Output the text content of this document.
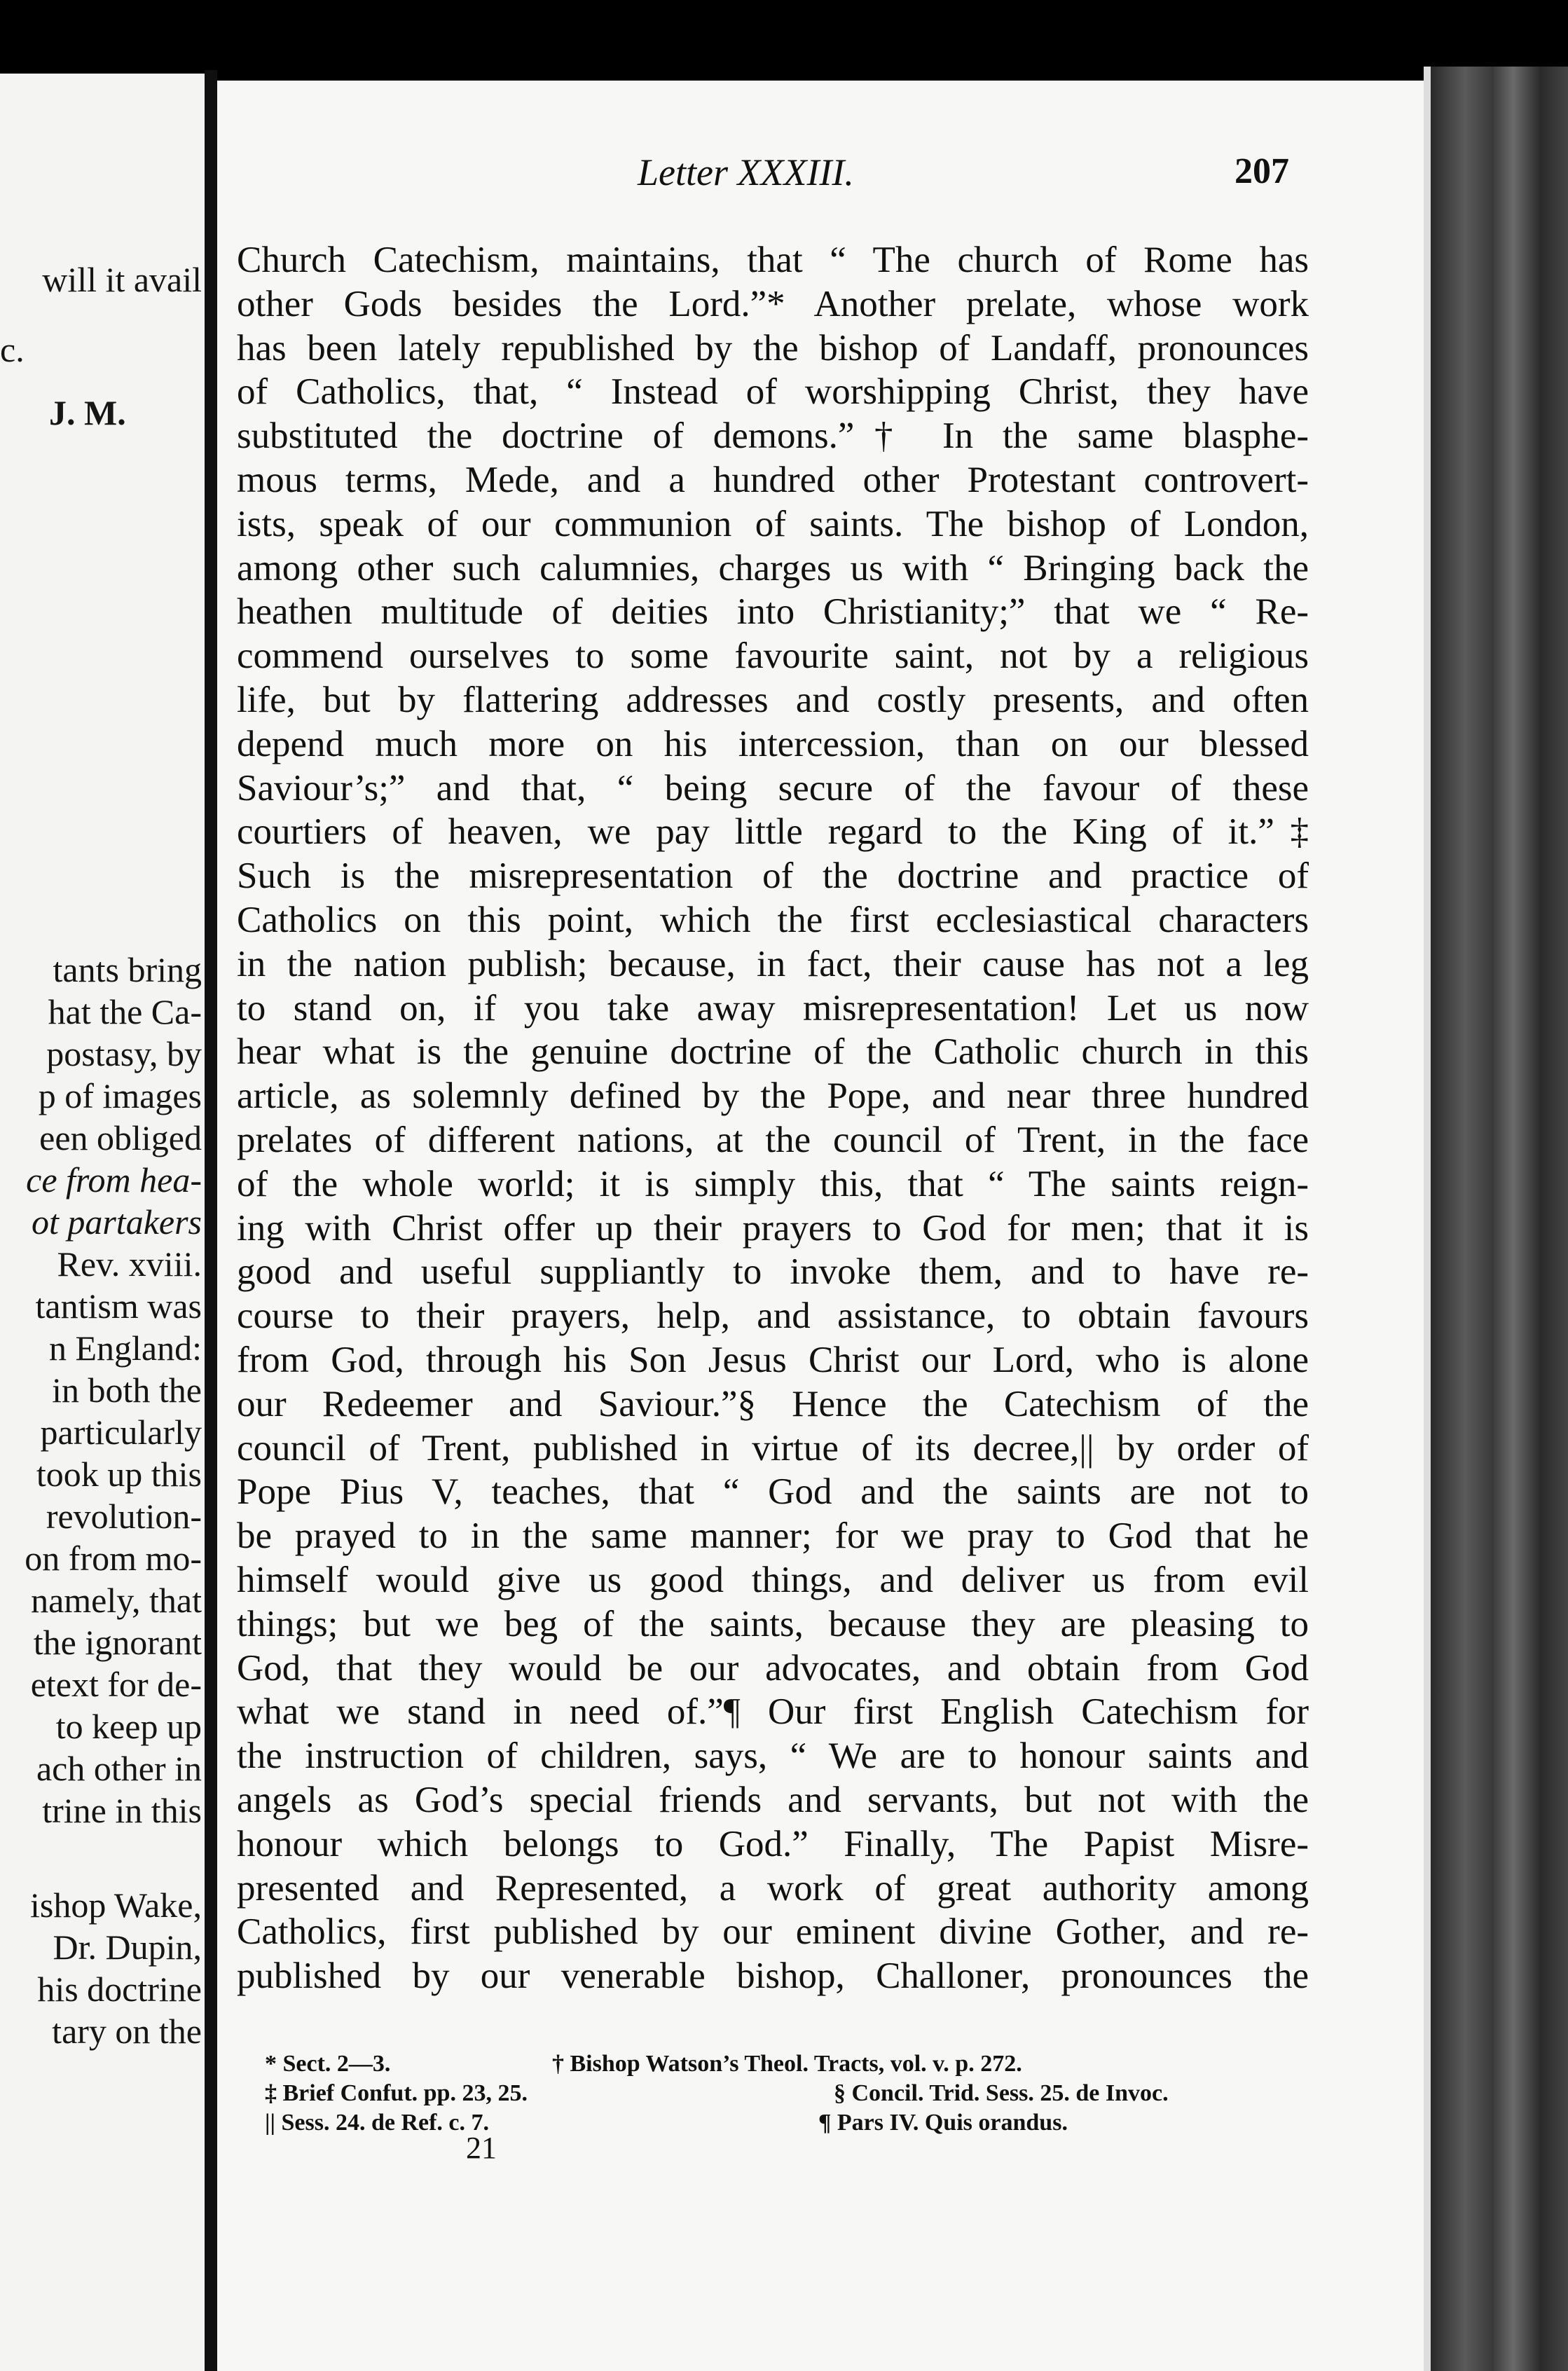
will it avail
c.
J. M.
tants bring
hat the Ca-
postasy, by
p of images
een obliged
ce from hea-
ot partakers
Rev. xviii.
tantism was
n England:
in both the
particularly
took up this
revolution-
on from mo-
namely, that
the ignorant
etext for de-
to keep up
ach other in
trine in this
ishop Wake,
Dr. Dupin,
his doctrine
tary on the
Letter XXXIII.	207
Church Catechism, maintains, that “ The church of Rome has
other Gods besides the Lord.”* Another prelate, whose work
has been lately republished by the bishop of Landaff, pronounces
of Catholics, that, “ Instead of worshipping Christ, they have
substituted the doctrine of demons.”† In the same blasphe-
mous terms, Mede, and a hundred other Protestant controvert-
ists, speak of our communion of saints. The bishop of London,
among other such calumnies, charges us with “ Bringing back the
heathen multitude of deities into Christianity;” that we “ Re-
commend ourselves to some favourite saint, not by a religious
life, but by flattering addresses and costly presents, and often
depend much more on his intercession, than on our blessed
Saviour’s;” and that, “ being secure of the favour of these
courtiers of heaven, we pay little regard to the King of it.”‡
Such is the misrepresentation of the doctrine and practice of
Catholics on this point, which the first ecclesiastical characters
in the nation publish; because, in fact, their cause has not a leg
to stand on, if you take away misrepresentation! Let us now
hear what is the genuine doctrine of the Catholic church in this
article, as solemnly defined by the Pope, and near three hundred
prelates of different nations, at the council of Trent, in the face
of the whole world; it is simply this, that “ The saints reign-
ing with Christ offer up their prayers to God for men; that it is
good and useful suppliantly to invoke them, and to have re-
course to their prayers, help, and assistance, to obtain favours
from God, through his Son Jesus Christ our Lord, who is alone
our Redeemer and Saviour.”§ Hence the Catechism of the
council of Trent, published in virtue of its decree,|| by order of
Pope Pius V, teaches, that “ God and the saints are not to
be prayed to in the same manner; for we pray to God that he
himself would give us good things, and deliver us from evil
things; but we beg of the saints, because they are pleasing to
God, that they would be our advocates, and obtain from God
what we stand in need of.”¶ Our first English Catechism for
the instruction of children, says, “ We are to honour saints and
angels as God’s special friends and servants, but not with the
honour which belongs to God.” Finally, The Papist Misre-
presented and Represented, a work of great authority among
Catholics, first published by our eminent divine Gother, and re-
published by our venerable bishop, Challoner, pronounces the
* Sect. 2—3.	† Bishop Watson’s Theol. Tracts, vol. v. p. 272.
‡ Brief Confut. pp. 23, 25.	§ Concil. Trid. Sess. 25. de Invoc.
|| Sess. 24. de Ref. c. 7.	¶ Pars IV. Quis orandus.
21
